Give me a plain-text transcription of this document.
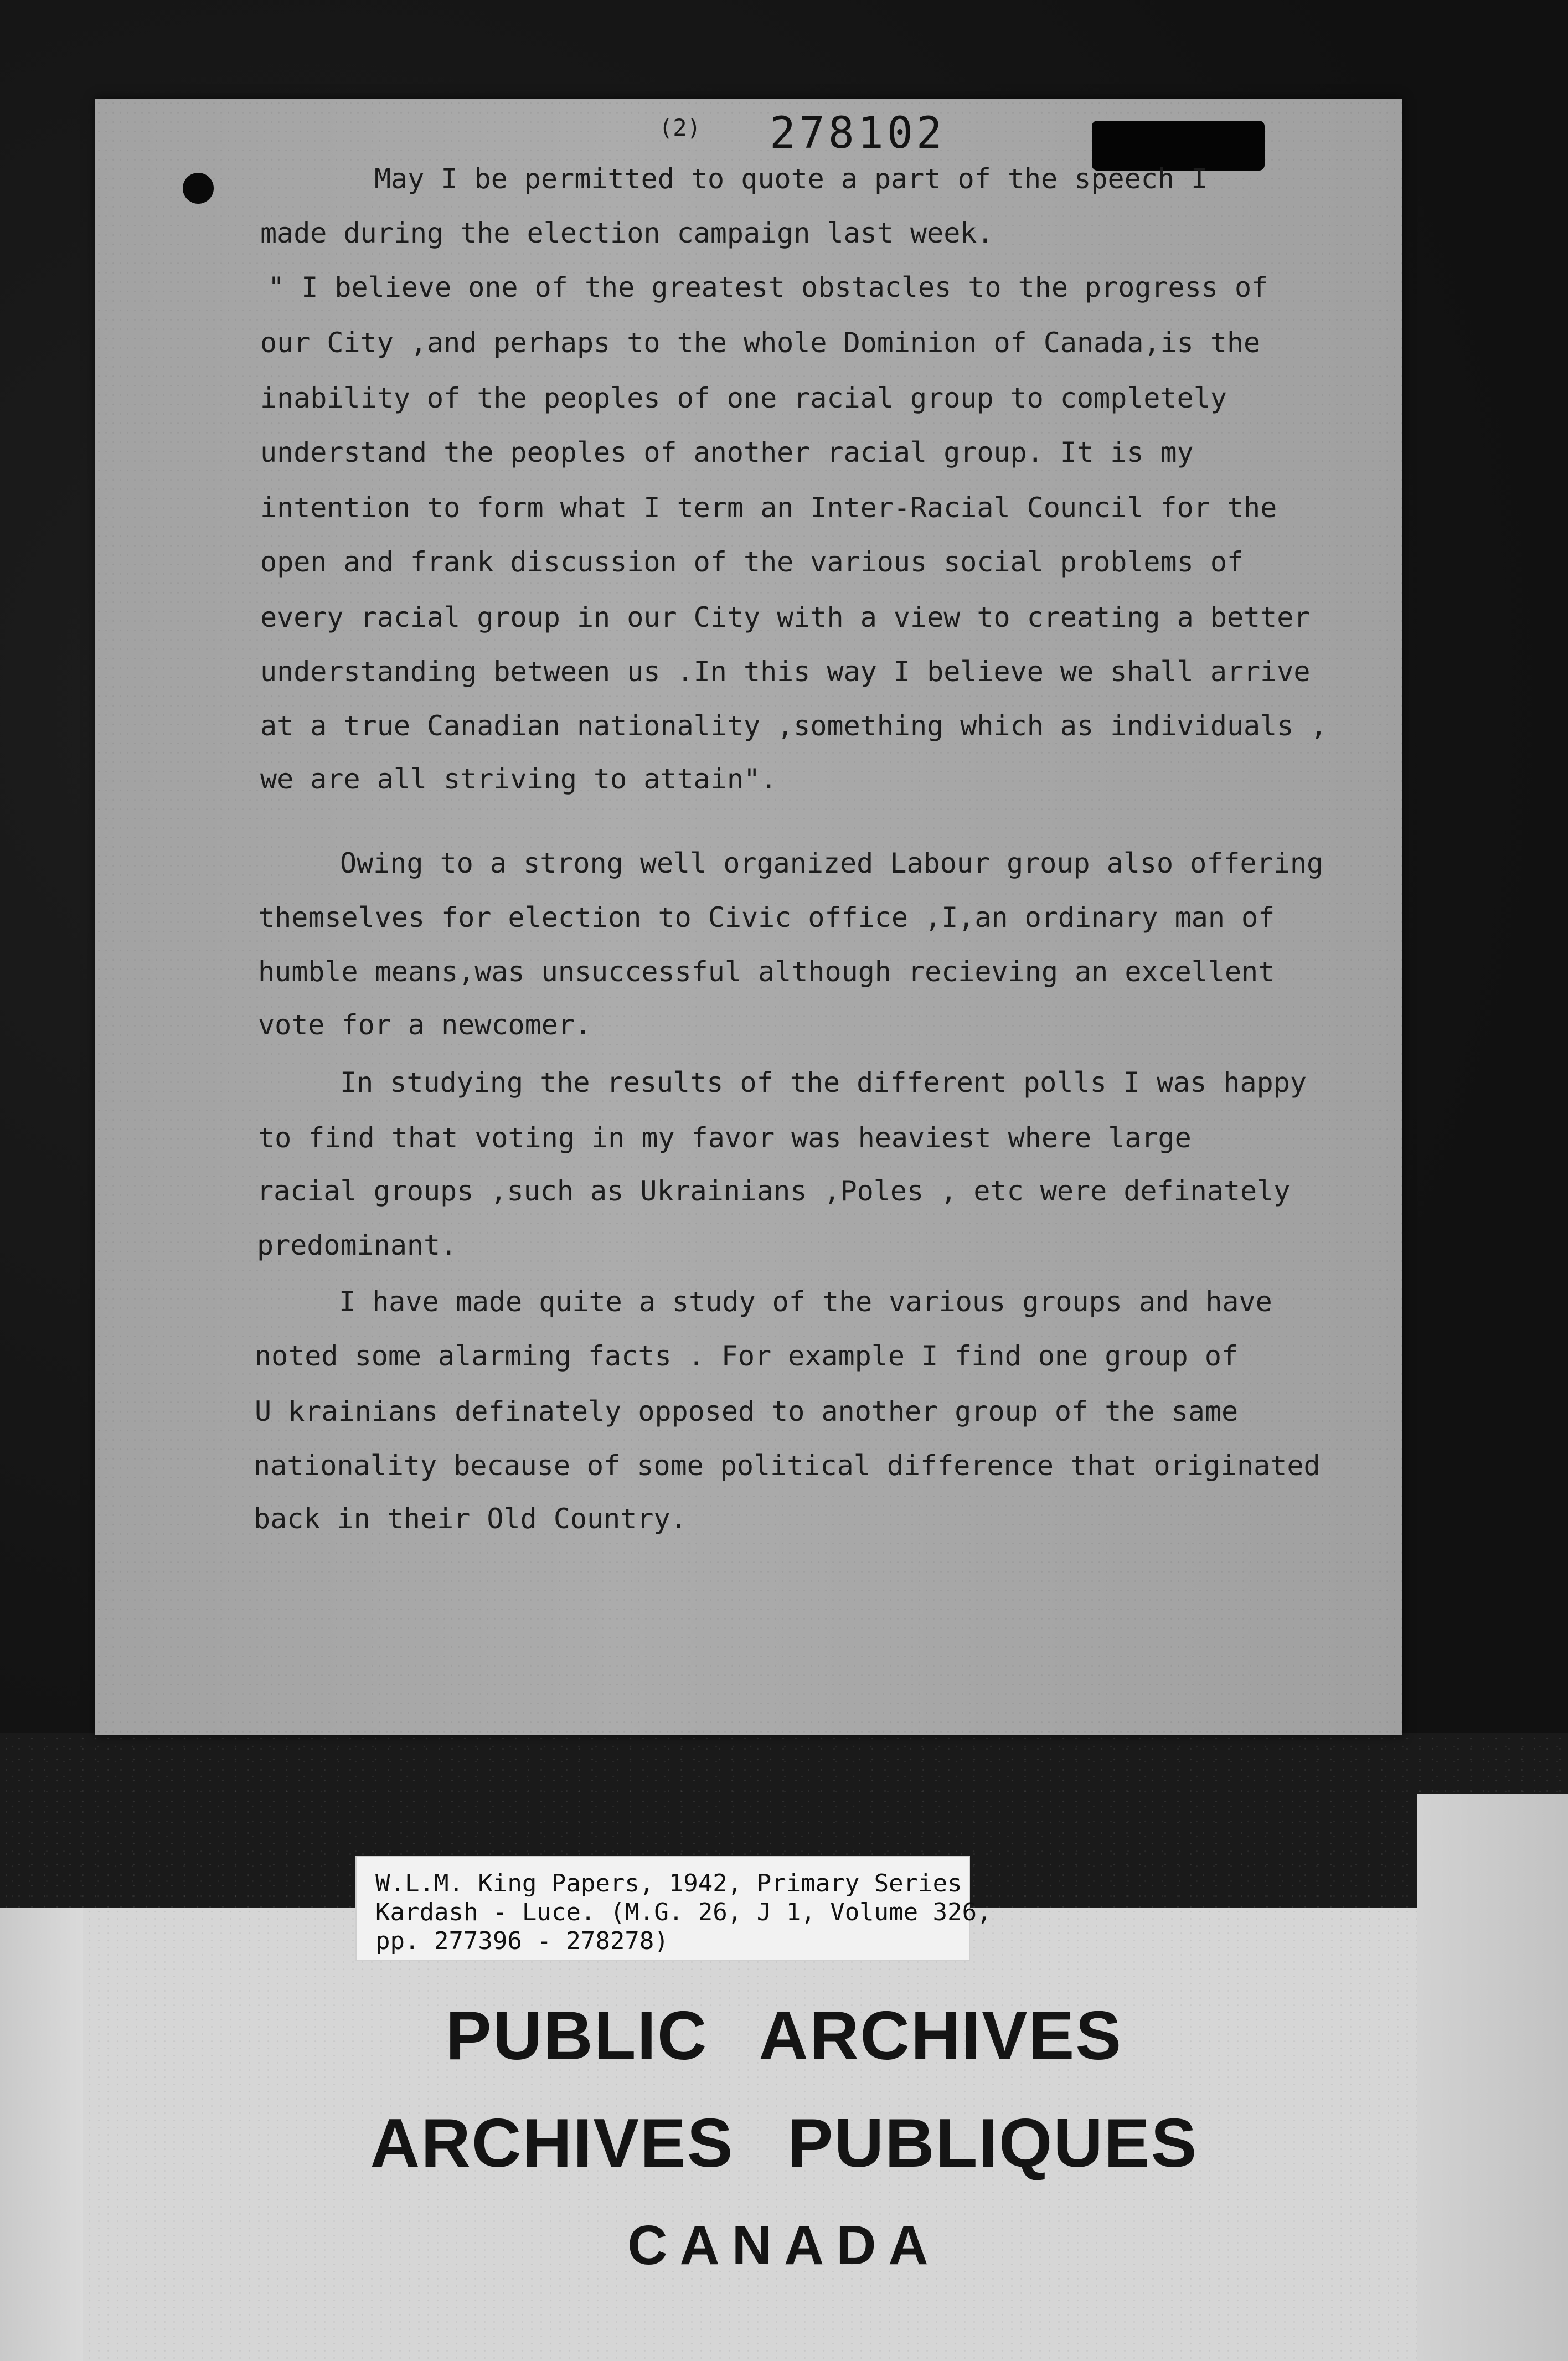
(2) 278102
May I be permitted to quote a part of the speech I
made during the election campaign last week.
" I believe one of the greatest obstacles to the progress of
our City ,and perhaps to the whole Dominion of Canada,is the
inability of the peoples of one racial group to completely
understand the peoples of another racial group. It is my
intention to form what I term an Inter-Racial Council for the
open and frank discussion of the various social problems of
every racial group in our City with a view to creating a better
understanding between us .In this way I believe we shall arrive
at a true Canadian nationality ,something which as individuals ,
we are all striving to attain".
Owing to a strong well organized Labour group also offering
themselves for election to Civic office ,I,an ordinary man of
humble means,was unsuccessful although recieving an excellent
vote for a newcomer.
In studying the results of the different polls I was happy
to find that voting in my favor was heaviest where large
racial groups ,such as Ukrainians ,Poles , etc were definately
predominant.
I have made quite a study of the various groups and have
noted some alarming facts . For example I find one group of
U krainians definately opposed to another group of the same
nationality because of some political difference that originated
back in their Old Country.
W.L.M. King Papers, 1942, Primary Series
Kardash - Luce. (M.G. 26, J 1, Volume 326,
pp. 277396 - 278278)
PUBLIC ARCHIVES
ARCHIVES PUBLIQUES
CANADA
